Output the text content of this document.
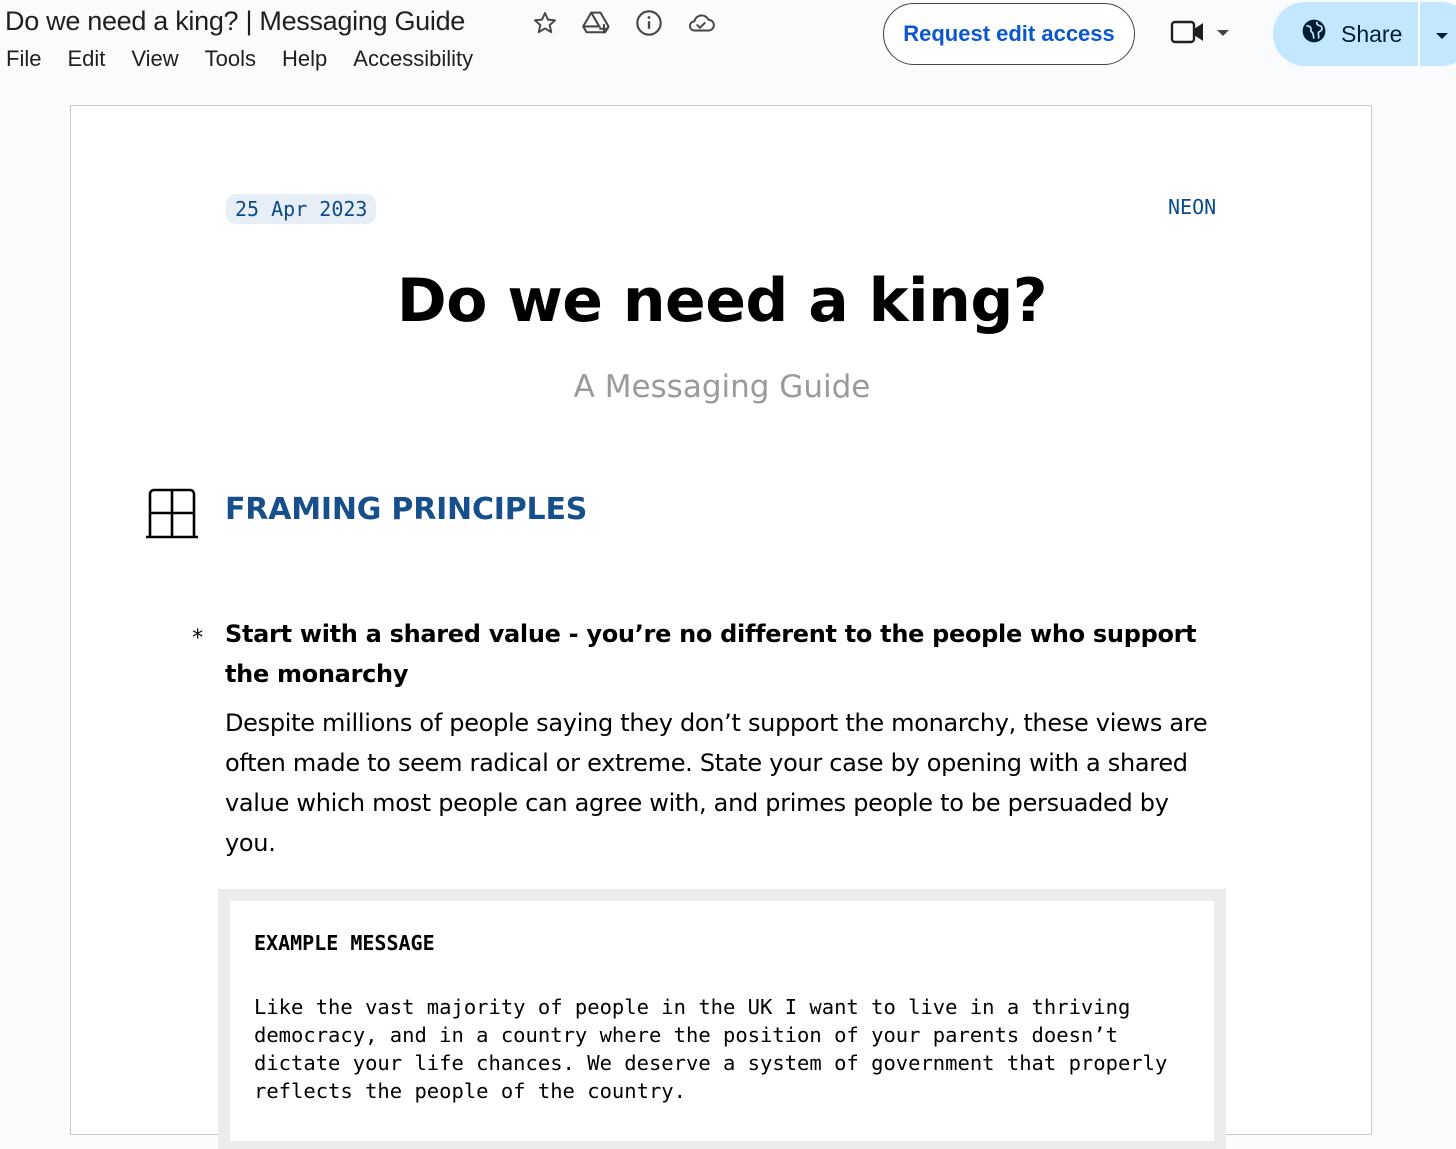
Do we need a king? | Messaging Guide
File Edit View Tools Help Accessibility
Request edit access	Share
25 Apr 2023	NEON
Do we need a king?
A Messaging Guide
FRAMING PRINCIPLES
* Start with a shared value - you’re no different to the people who support the monarchy
Despite millions of people saying they don’t support the monarchy, these views are often made to seem radical or extreme. State your case by opening with a shared value which most people can agree with, and primes people to be persuaded by you.
EXAMPLE MESSAGE
Like the vast majority of people in the UK I want to live in a thriving democracy, and in a country where the position of your parents doesn’t dictate your life chances. We deserve a system of government that properly reflects the people of the country.
